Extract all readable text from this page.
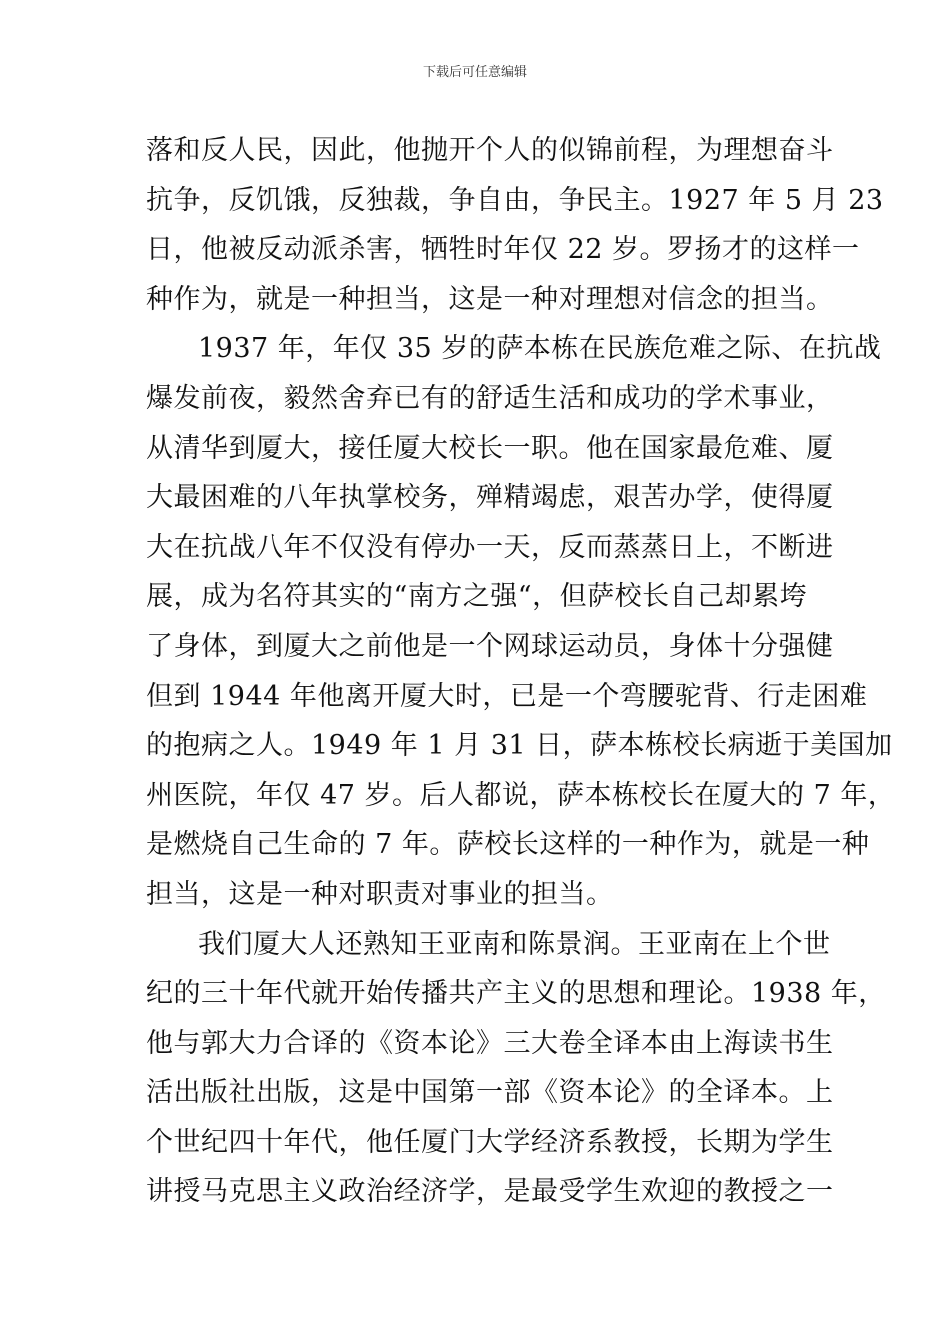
下载后可任意编辑
落和反人民，因此，他抛开个人的似锦前程，为理想奋斗
抗争，反饥饿，反独裁，争自由，争民主。1927 年 5 月 23
日，他被反动派杀害，牺牲时年仅 22 岁。罗扬才的这样一
种作为，就是一种担当，这是一种对理想对信念的担当。
1937 年，年仅 35 岁的萨本栋在民族危难之际、在抗战
爆发前夜，毅然舍弃已有的舒适生活和成功的学术事业，
从清华到厦大，接任厦大校长一职。他在国家最危难、厦
大最困难的八年执掌校务，殚精竭虑，艰苦办学，使得厦
大在抗战八年不仅没有停办一天，反而蒸蒸日上，不断进
展，成为名符其实的“南方之强“，但萨校长自己却累垮
了身体，到厦大之前他是一个网球运动员，身体十分强健
但到 1944 年他离开厦大时，已是一个弯腰驼背、行走困难
的抱病之人。1949 年 1 月 31 日，萨本栋校长病逝于美国加
州医院，年仅 47 岁。后人都说，萨本栋校长在厦大的 7 年，
是燃烧自己生命的 7 年。萨校长这样的一种作为，就是一种
担当，这是一种对职责对事业的担当。
我们厦大人还熟知王亚南和陈景润。王亚南在上个世
纪的三十年代就开始传播共产主义的思想和理论。1938 年，
他与郭大力合译的《资本论》三大卷全译本由上海读书生
活出版社出版，这是中国第一部《资本论》的全译本。上
个世纪四十年代，他任厦门大学经济系教授，长期为学生
讲授马克思主义政治经济学，是最受学生欢迎的教授之一
